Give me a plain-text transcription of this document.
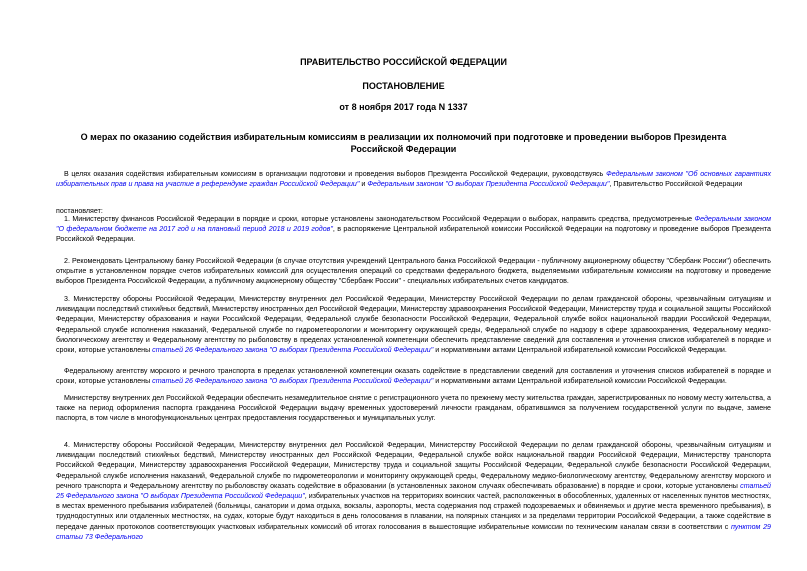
ПРАВИТЕЛЬСТВО РОССИЙСКОЙ ФЕДЕРАЦИИ
ПОСТАНОВЛЕНИЕ
от 8 ноября 2017 года N 1337
О мерах по оказанию содействия избирательным комиссиям в реализации их полномочий при подготовке и проведении выборов Президента Российской Федерации
В целях оказания содействия избирательным комиссиям в организации подготовки и проведения выборов Президента Российской Федерации, руководствуясь Федеральным законом "Об основных гарантиях избирательных прав и права на участие в референдуме граждан Российской Федерации" и Федеральным законом "О выборах Президента Российской Федерации", Правительство Российской Федерации
постановляет:
1. Министерству финансов Российской Федерации в порядке и сроки, которые установлены законодательством Российской Федерации о выборах, направить средства, предусмотренные Федеральным законом "О федеральном бюджете на 2017 год и на плановый период 2018 и 2019 годов", в распоряжение Центральной избирательной комиссии Российской Федерации на подготовку и проведение выборов Президента Российской Федерации.
2. Рекомендовать Центральному банку Российской Федерации (в случае отсутствия учреждений Центрального банка Российской Федерации - публичному акционерному обществу "Сбербанк России") обеспечить открытие в установленном порядке счетов избирательных комиссий для осуществления операций со средствами федерального бюджета, выделяемыми избирательным комиссиям на подготовку и проведение выборов Президента Российской Федерации, а публичному акционерному обществу "Сбербанк России" - специальных избирательных счетов кандидатов.
3. Министерству обороны Российской Федерации, Министерству внутренних дел Российской Федерации, Министерству Российской Федерации по делам гражданской обороны, чрезвычайным ситуациям и ликвидации последствий стихийных бедствий, Министерству иностранных дел Российской Федерации, Министерству здравоохранения Российской Федерации, Министерству труда и социальной защиты Российской Федерации, Министерству образования и науки Российской Федерации, Федеральной службе безопасности Российской Федерации, Федеральной службе войск национальной гвардии Российской Федерации, Федеральной службе исполнения наказаний, Федеральной службе по гидрометеорологии и мониторингу окружающей среды, Федеральной службе по надзору в сфере здравоохранения, Федеральному медико-биологическому агентству и Федеральному агентству по рыболовству в пределах установленной компетенции обеспечить представление сведений для составления и уточнения списков избирателей в порядке и сроки, которые установлены статьей 26 Федерального закона "О выборах Президента Российской Федерации" и нормативными актами Центральной избирательной комиссии Российской Федерации.
Федеральному агентству морского и речного транспорта в пределах установленной компетенции оказать содействие в представлении сведений для составления и уточнения списков избирателей в порядке и сроки, которые установлены статьей 26 Федерального закона "О выборах Президента Российской Федерации" и нормативными актами Центральной избирательной комиссии Российской Федерации.
Министерству внутренних дел Российской Федерации обеспечить незамедлительное снятие с регистрационного учета по прежнему месту жительства граждан, зарегистрированных по новому месту жительства, а также на период оформления паспорта гражданина Российской Федерации выдачу временных удостоверений личности гражданам, обратившимся за получением государственной услуги по выдаче, замене паспорта, в том числе в многофункциональных центрах предоставления государственных и муниципальных услуг.
4. Министерству обороны Российской Федерации, Министерству внутренних дел Российской Федерации, Министерству Российской Федерации по делам гражданской обороны, чрезвычайным ситуациям и ликвидации последствий стихийных бедствий, Министерству иностранных дел Российской Федерации, Федеральной службе войск национальной гвардии Российской Федерации, Министерству транспорта Российской Федерации, Министерству здравоохранения Российской Федерации, Министерству труда и социальной защиты Российской Федерации, Федеральной службе безопасности Российской Федерации, Федеральной службе исполнения наказаний, Федеральной службе по гидрометеорологии и мониторингу окружающей среды, Федеральному медико-биологическому агентству, Федеральному агентству морского и речного транспорта и Федеральному агентству по рыболовству оказать содействие в образовании (в установленных законом случаях обеспечивать образование) в порядке и сроки, которые установлены статьей 25 Федерального закона "О выборах Президента Российской Федерации", избирательных участков на территориях воинских частей, расположенных в обособленных, удаленных от населенных пунктов местностях, в местах временного пребывания избирателей (больницы, санатории и дома отдыха, вокзалы, аэропорты, места содержания под стражей подозреваемых и обвиняемых и другие места временного пребывания), в труднодоступных или отдаленных местностях, на судах, которые будут находиться в день голосования в плавании, на полярных станциях и за пределами территории Российской Федерации, а также содействие в передаче данных протоколов соответствующих участковых избирательных комиссий об итогах голосования в вышестоящие избирательные комиссии по техническим каналам связи в соответствии с пунктом 29 статьи 73 Федерального
